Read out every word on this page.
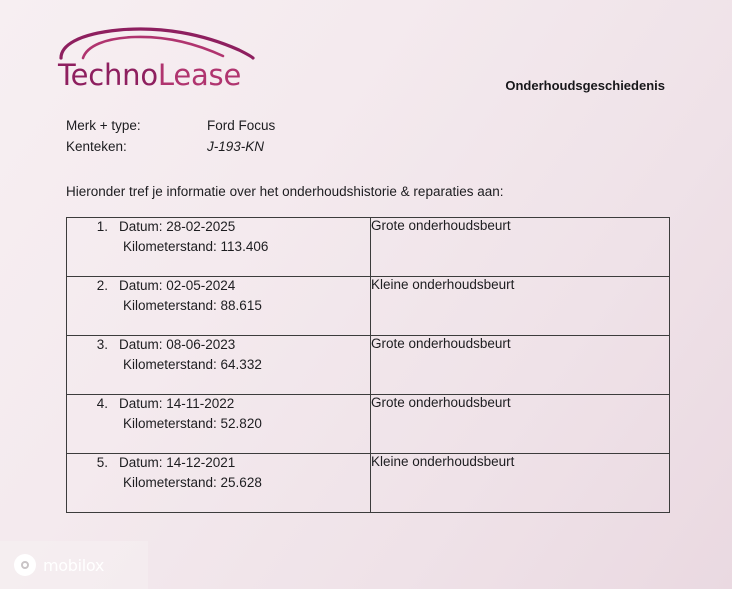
TechnoLease	Onderhoudsgeschiedenis
Merk + type:	Ford Focus
Kenteken:	J-193-KN
Hieronder tref je informatie over het onderhoudshistorie & reparaties aan:
1. Datum: 28-02-2025
Kilometerstand: 113.406	Grote onderhoudsbeurt
2. Datum: 02-05-2024
Kilometerstand: 88.615	Kleine onderhoudsbeurt
3. Datum: 08-06-2023
Kilometerstand: 64.332	Grote onderhoudsbeurt
4. Datum: 14-11-2022
Kilometerstand: 52.820	Grote onderhoudsbeurt
5. Datum: 14-12-2021
Kilometerstand: 25.628	Kleine onderhoudsbeurt
mobilox
